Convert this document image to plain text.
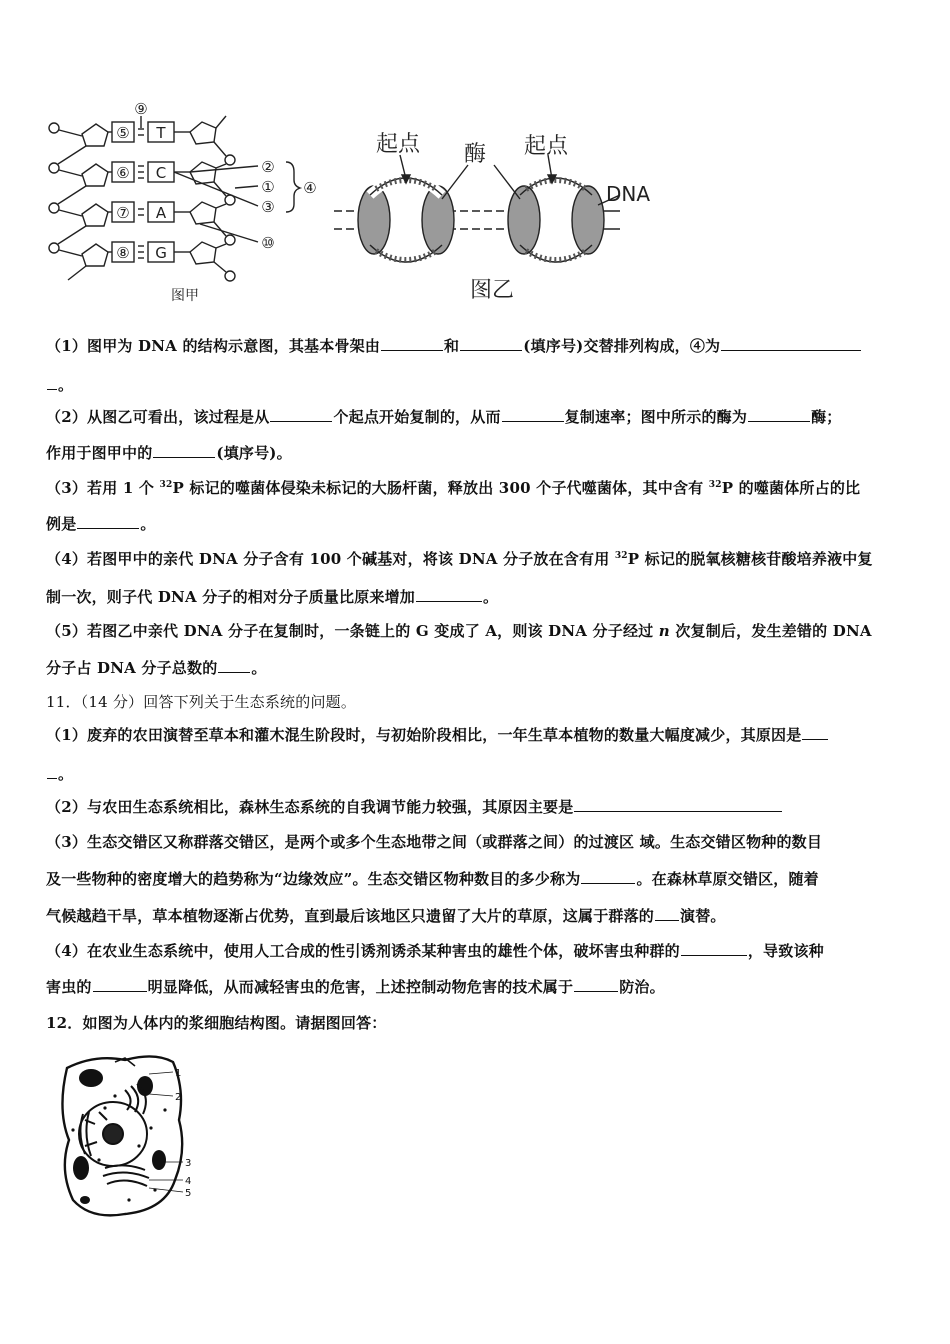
⑨
⑤
⑥
⑦
⑧
T
C
A
G
②
①
③
⑩
④
图甲
起点 酶 起点
DNA
图乙
（1）图甲为 DNA 的结构示意图，其基本骨架由	和	(填序号)交替排列构成，④为
。
（2）从图乙可看出，该过程是从	个起点开始复制的，从而	复制速率；图中所示的酶为	酶；
作用于图甲中的	(填序号)。
（3）若用 1 个 $^{32}$P 标记的噬菌体侵染未标记的大肠杆菌，释放出 300 个子代噬菌体，其中含有 $^{32}$P 的噬菌体所占的比
例是	。
（4）若图甲中的亲代 DNA 分子含有 100 个碱基对，将该 DNA 分子放在含有用 $^{32}$P 标记的脱氧核糖核苷酸培养液中复
制一次，则子代 DNA 分子的相对分子质量比原来增加	。
（5）若图乙中亲代 DNA 分子在复制时，一条链上的 G 变成了 A，则该 DNA 分子经过 n 次复制后，发生差错的 DNA
分子占 DNA 分子总数的 。
11．（14 分）回答下列关于生态系统的问题。
（1）废弃的农田演替至草本和灌木混生阶段时，与初始阶段相比，一年生草本植物的数量大幅度减少，其原因是
。
（2）与农田生态系统相比，森林生态系统的自我调节能力较强，其原因主要是
（3）生态交错区又称群落交错区，是两个或多个生态地带之间（或群落之间）的过渡区 域。生态交错区物种的数目
及一些物种的密度增大的趋势称为“边缘效应”。生态交错区物种数目的多少称为	。在森林草原交错区，随着
气候越趋干旱，草本植物逐渐占优势，直到最后该地区只遗留了大片的草原，这属于群落的 演替。
（4）在农业生态系统中，使用人工合成的性引诱剂诱杀某种害虫的雄性个体，破坏害虫种群的	，导致该种
害虫的	明显降低，从而减轻害虫的危害，上述控制动物危害的技术属于	防治。
12．如图为人体内的浆细胞结构图。请据图回答：
1
2
3
4
5
